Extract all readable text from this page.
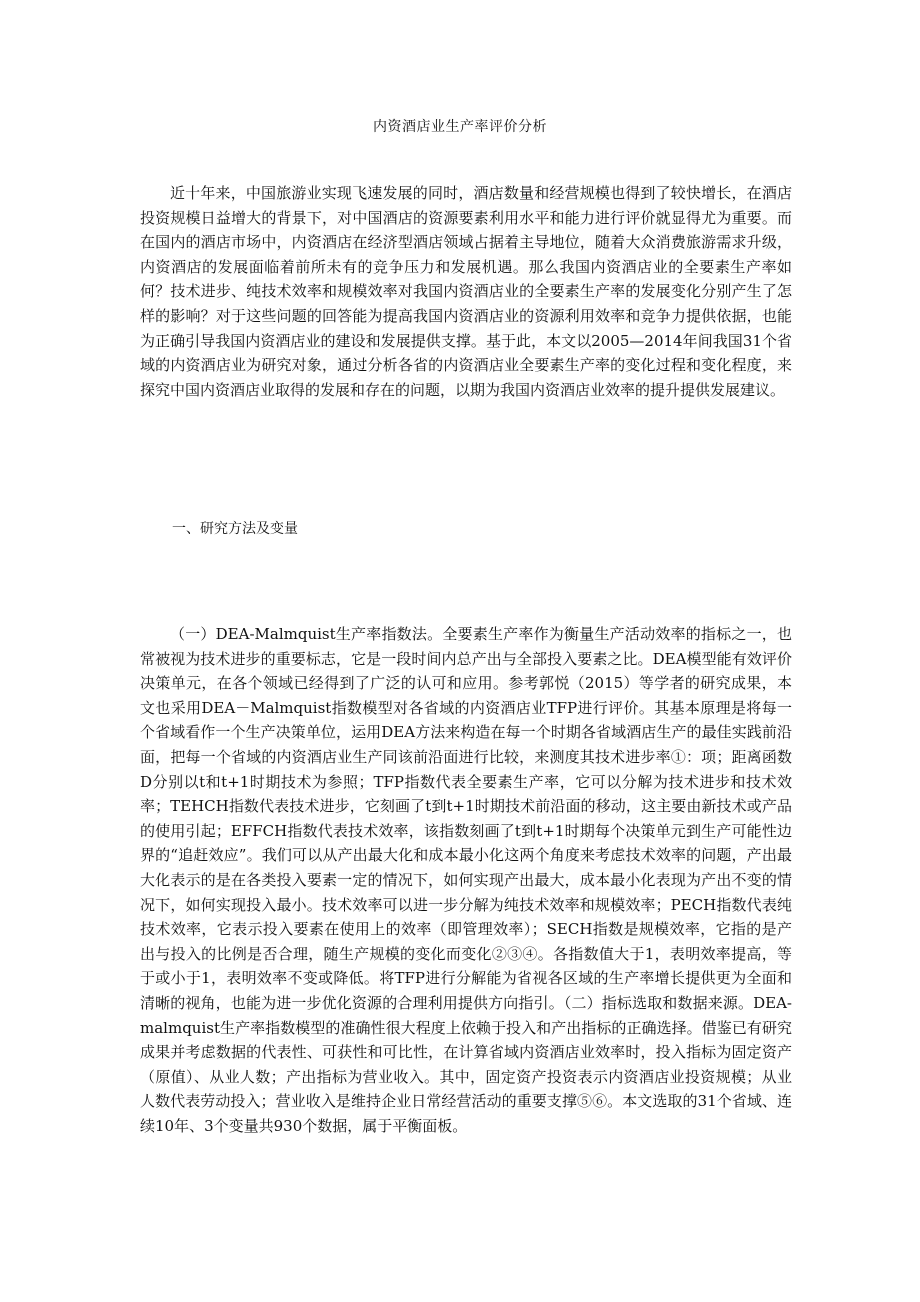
内资酒店业生产率评价分析

近十年来，中国旅游业实现飞速发展的同时，酒店数量和经营规模也得到了较快增长，在酒店投资规模日益增大的背景下，对中国酒店的资源要素利用水平和能力进行评价就显得尤为重要。而在国内的酒店市场中，内资酒店在经济型酒店领域占据着主导地位，随着大众消费旅游需求升级，内资酒店的发展面临着前所未有的竞争压力和发展机遇。那么我国内资酒店业的全要素生产率如何？技术进步、纯技术效率和规模效率对我国内资酒店业的全要素生产率的发展变化分别产生了怎样的影响？对于这些问题的回答能为提高我国内资酒店业的资源利用效率和竞争力提供依据，也能为正确引导我国内资酒店业的建设和发展提供支撑。基于此，本文以2005—2014年间我国31个省域的内资酒店业为研究对象，通过分析各省的内资酒店业全要素生产率的变化过程和变化程度，来探究中国内资酒店业取得的发展和存在的问题，以期为我国内资酒店业效率的提升提供发展建议。

一、研究方法及变量

（一）DEA-Malmquist生产率指数法。全要素生产率作为衡量生产活动效率的指标之一，也常被视为技术进步的重要标志，它是一段时间内总产出与全部投入要素之比。DEA模型能有效评价决策单元，在各个领域已经得到了广泛的认可和应用。参考郭悦（2015）等学者的研究成果，本文也采用DEA－Malmquist指数模型对各省域的内资酒店业TFP进行评价。其基本原理是将每一个省域看作一个生产决策单位，运用DEA方法来构造在每一个时期各省域酒店生产的最佳实践前沿面，把每一个省域的内资酒店业生产同该前沿面进行比较，来测度其技术进步率①：项；距离函数D分别以t和t+1时期技术为参照；TFP指数代表全要素生产率，它可以分解为技术进步和技术效率；TEHCH指数代表技术进步，它刻画了t到t+1时期技术前沿面的移动，这主要由新技术或产品的使用引起；EFFCH指数代表技术效率，该指数刻画了t到t+1时期每个决策单元到生产可能性边界的“追赶效应”。我们可以从产出最大化和成本最小化这两个角度来考虑技术效率的问题，产出最大化表示的是在各类投入要素一定的情况下，如何实现产出最大，成本最小化表现为产出不变的情况下，如何实现投入最小。技术效率可以进一步分解为纯技术效率和规模效率；PECH指数代表纯技术效率，它表示投入要素在使用上的效率（即管理效率）；SECH指数是规模效率，它指的是产出与投入的比例是否合理，随生产规模的变化而变化②③④。各指数值大于1，表明效率提高，等于或小于1，表明效率不变或降低。将TFP进行分解能为省视各区域的生产率增长提供更为全面和清晰的视角，也能为进一步优化资源的合理利用提供方向指引。（二）指标选取和数据来源。DEA-malmquist生产率指数模型的准确性很大程度上依赖于投入和产出指标的正确选择。借鉴已有研究成果并考虑数据的代表性、可获性和可比性，在计算省域内资酒店业效率时，投入指标为固定资产（原值）、从业人数；产出指标为营业收入。其中，固定资产投资表示内资酒店业投资规模；从业人数代表劳动投入；营业收入是维持企业日常经营活动的重要支撑⑤⑥。本文选取的31个省域、连续10年、3个变量共930个数据，属于平衡面板。
